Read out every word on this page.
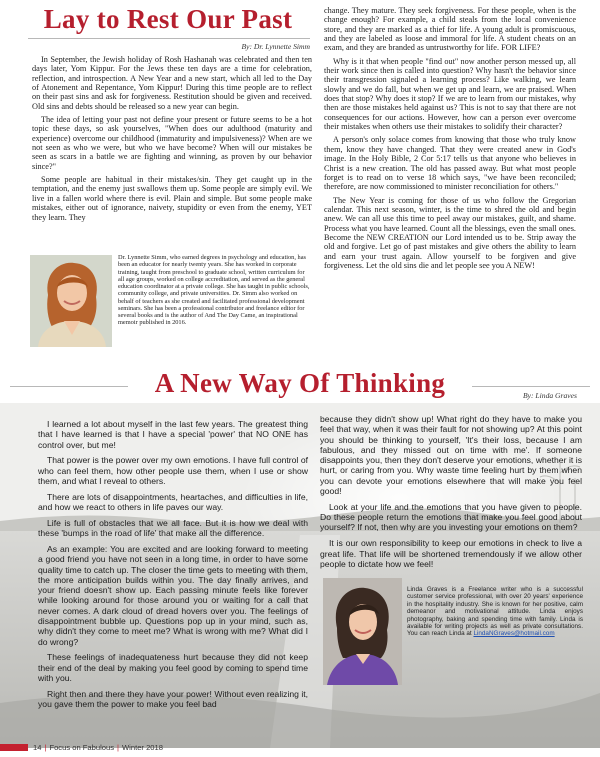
Lay to Rest Our Past
By: Dr. Lynnette Simm

In September, the Jewish holiday of Rosh Hashanah was celebrated and then ten days later, Yom Kippur. For the Jews these ten days are a time for celebration, reflection, and introspection. A New Year and a new start, which all led to the Day of Atonement and Repentance, Yom Kippur! During this time people are to reflect on their past sins and ask for forgiveness. Restitution should be given and received. Old sins and debts should be released so a new year can begin.

The idea of letting your past not define your present or future seems to be a hot topic these days, so ask yourselves, "When does our adulthood (maturity and experience) overcome our childhood (immaturity and impulsiveness)? When are we not seen as who we were, but who we have become? When will our mistakes be seen as scars in a battle we are fighting and winning, as proven by our behavior since?"

Some people are habitual in their mistakes/sin. They get caught up in the temptation, and the enemy just swallows them up. Some people are simply evil. We live in a fallen world where there is evil. Plain and simple. But some people make mistakes, either out of ignorance, naivety, stupidity or even from the enemy, YET they learn. They

Dr. Lynnette Simm, who earned degrees in psychology and education, has been an educator for nearly twenty years. She has worked in corporate training, taught from preschool to graduate school, written curriculum for all age groups, worked on college accreditation, and served as the general education coordinator at a private college. She has taught in public schools, community college, and private universities. Dr. Simm also worked on behalf of teachers as she created and facilitated professional development seminars. She has been a professional contributor and freelance editor for several books and is the author of And The Day Came, an inspirational memoir published in 2016.

change. They mature. They seek forgiveness. For these people, when is the change enough? For example, a child steals from the local convenience store, and they are marked as a thief for life. A young adult is promiscuous, and they are labeled as loose and immoral for life. A student cheats on an exam, and they are branded as untrustworthy for life. FOR LIFE?

Why is it that when people "find out" now another person messed up, all their work since then is called into question? Why hasn't the behavior since their transgression signaled a learning process? Like walking, we learn slowly and we do fall, but when we get up and learn, we are praised. When does that stop? Why does it stop? If we are to learn from our mistakes, why then are those mistakes held against us? This is not to say that there are not consequences for our actions. However, how can a person ever overcome their mistakes when others use their mistakes to solidify their character?

A person's only solace comes from knowing that those who truly know them, know they have changed. That they were created anew in God's image. In the Holy Bible, 2 Cor 5:17 tells us that anyone who believes in Christ is a new creation. The old has passed away. But what most people forget is to read on to verse 18 which says, "we have been reconciled; therefore, are now commissioned to minister reconciliation for others."

The New Year is coming for those of us who follow the Gregorian calendar. This next season, winter, is the time to shred the old and begin anew. We can all use this time to peel away our mistakes, guilt, and shame. Process what you have learned. Count all the blessings, even the small ones. Become the NEW CREATION our Lord intended us to be. Strip away the old and forgive. Let go of past mistakes and give others the ability to learn and earn your trust again. Allow yourself to be forgiven and give forgiveness. Let the old sins die and let people see you A NEW!

A New Way Of Thinking	By: Linda Graves

I learned a lot about myself in the last few years. The greatest thing that I have learned is that I have a special 'power' that NO ONE has control over, but me!

That power is the power over my own emotions. I have full control of who can feel them, how other people use them, when I use or show them, and what I reveal to others.

There are lots of disappointments, heartaches, and difficulties in life, and how we react to others in life paves our way.

Life is full of obstacles that we all face. But it is how we deal with these 'bumps in the road of life' that make all the difference.

As an example: You are excited and are looking forward to meeting a good friend you have not seen in a long time, in order to have some quality time to catch up. The closer the time gets to meeting with them, the more anticipation builds within you. The day finally arrives, and your friend doesn't show up. Each passing minute feels like forever while looking around for those around you or waiting for a call that never comes. A dark cloud of dread hovers over you. The feelings of disappointment bubble up. Questions pop up in your mind, such as, why didn't they come to meet me? What is wrong with me? What did I do wrong?

These feelings of inadequateness hurt because they did not keep their end of the deal by making you feel good by coming to spend time with you.

Right then and there they have your power! Without even realizing it, you gave them the power to make you feel bad

because they didn't show up! What right do they have to make you feel that way, when it was their fault for not showing up? At this point you should be thinking to yourself, 'It's their loss, because I am fabulous, and they missed out on time with me'. If someone disappoints you, then they don't deserve your emotions, whether it is hurt, or caring from you. Why waste time feeling hurt by them when you can devote your emotions elsewhere that will make you feel good!

Look at your life and the emotions that you have given to people. Do these people return the emotions that make you feel good about yourself? If not, then why are you investing your emotions on them?

It is our own responsibility to keep our emotions in check to live a great life. That life will be shortened tremendously if we allow other people to dictate how we feel!

Linda Graves is a Freelance writer who is a successful customer service professional, with over 20 years' experience in the hospitality industry. She is known for her positive, calm demeanor and motivational attitude. Linda enjoys photography, baking and spending time with family. Linda is available for writing projects as well as private consultations. You can reach Linda at LindaNGraves@hotmail.com
14 | Focus on Fabulous | Winter 2018
